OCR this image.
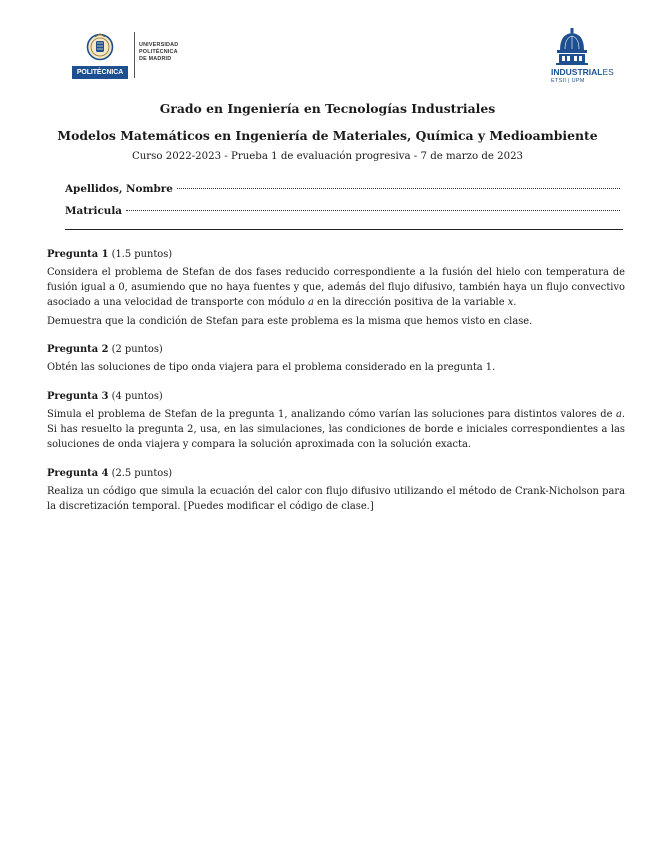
POLITÉCNICA
UNIVERSIDAD
POLITÉCNICA
DE MADRID
INDUSTRIALES
ETSII | UPM
Grado en Ingeniería en Tecnologías Industriales
Modelos Matemáticos en Ingeniería de Materiales, Química y Medioambiente
Curso 2022-2023 - Prueba 1 de evaluación progresiva - 7 de marzo de 2023
Apellidos, Nombre
Matricula
Pregunta 1 (1.5 puntos)

Considera el problema de Stefan de dos fases reducido correspondiente a la fusión del hielo con temperatura de fusión igual a 0, asumiendo que no haya fuentes y que, además del flujo difusivo, también haya un flujo convectivo asociado a una velocidad de transporte con módulo a en la dirección positiva de la variable x.

Demuestra que la condición de Stefan para este problema es la misma que hemos visto en clase.

Pregunta 2 (2 puntos)

Obtén las soluciones de tipo onda viajera para el problema considerado en la pregunta 1.

Pregunta 3 (4 puntos)

Simula el problema de Stefan de la pregunta 1, analizando cómo varían las soluciones para distintos valores de a. Si has resuelto la pregunta 2, usa, en las simulaciones, las condiciones de borde e iniciales correspondientes a las soluciones de onda viajera y compara la solución aproximada con la solución exacta.

Pregunta 4 (2.5 puntos)

Realiza un código que simula la ecuación del calor con flujo difusivo utilizando el método de Crank-Nicholson para la discretización temporal. [Puedes modificar el código de clase.]
